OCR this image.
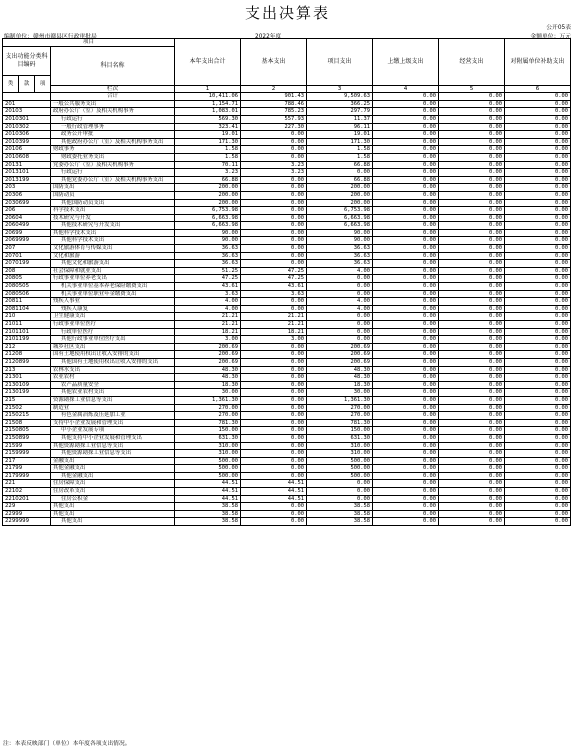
支出决算表
公开05表
编制单位：赣州市赣县区行政审批局	2022年度	金额单位：万元
项目				本年支出合计	基本支出	项目支出	上缴上级支出	经营支出	对附属单位补助支出
支出功能分类科目编码			科目名称						
类	款	项							
			栏次	1	2	3	4	5	6
			合计	10,411.06	901.43	9,509.63	0.00	0.00	0.00
201			一般公共服务支出	1,154.71	788.46	366.25	0.00	0.00	0.00
20103			政府办公厅（室）及相关机构事务	1,083.01	785.23	297.79	0.00	0.00	0.00
2010301			行政运行	569.30	557.93	11.37	0.00	0.00	0.00
2010302			一般行政管理事务	323.41	227.30	96.11	0.00	0.00	0.00
2010306			政务公开审批	19.01	0.00	19.01	0.00	0.00	0.00
2010399			其他政府办公厅（室）及相关机构事务支出	171.30	0.00	171.30	0.00	0.00	0.00
20106			财政事务	1.58	0.00	1.58	0.00	0.00	0.00
2010608			财政委托业务支出	1.58	0.00	1.58	0.00	0.00	0.00
20131			党委办公厅（室）及相关机构事务	70.11	3.23	66.88	0.00	0.00	0.00
2013101			行政运行	3.23	3.23	0.00	0.00	0.00	0.00
2013199			其他党委办公厅（室）及相关机构事务支出	66.88	0.00	66.88	0.00	0.00	0.00
203			国防支出	200.00	0.00	200.00	0.00	0.00	0.00
20306			国防动员	200.00	0.00	200.00	0.00	0.00	0.00
2030699			其他国防动员支出	200.00	0.00	200.00	0.00	0.00	0.00
206			科学技术支出	6,753.98	0.00	6,753.98	0.00	0.00	0.00
20604			技术研究与开发	6,663.98	0.00	6,663.98	0.00	0.00	0.00
2060499			其他技术研究与开发支出	6,663.98	0.00	6,663.98	0.00	0.00	0.00
20699			其他科学技术支出	90.00	0.00	90.00	0.00	0.00	0.00
2069999			其他科学技术支出	90.00	0.00	90.00	0.00	0.00	0.00
207			文化旅游体育与传媒支出	36.63	0.00	36.63	0.00	0.00	0.00
20701			文化和旅游	36.63	0.00	36.63	0.00	0.00	0.00
2070199			其他文化和旅游支出	36.63	0.00	36.63	0.00	0.00	0.00
208			社会保障和就业支出	51.25	47.25	4.00	0.00	0.00	0.00
20805			行政事业单位养老支出	47.25	47.25	0.00	0.00	0.00	0.00
2080505			机关事业单位基本养老保险缴费支出	43.61	43.61	0.00	0.00	0.00	0.00
2080506			机关事业单位职业年金缴费支出	3.63	3.63	0.00	0.00	0.00	0.00
20811			残疾人事业	4.00	0.00	4.00	0.00	0.00	0.00
2081104			残疾人康复	4.00	0.00	4.00	0.00	0.00	0.00
210			卫生健康支出	21.21	21.21	0.00	0.00	0.00	0.00
21011			行政事业单位医疗	21.21	21.21	0.00	0.00	0.00	0.00
2101101			行政单位医疗	18.21	18.21	0.00	0.00	0.00	0.00
2101199			其他行政事业单位医疗支出	3.00	3.00	0.00	0.00	0.00	0.00
212			城乡社区支出	200.69	0.00	200.69	0.00	0.00	0.00
21208			国有土地使用权出让收入安排的支出	200.69	0.00	200.69	0.00	0.00	0.00
2120899			其他国有土地使用权出让收入安排的支出	200.69	0.00	200.69	0.00	0.00	0.00
213			农林水支出	48.30	0.00	48.30	0.00	0.00	0.00
21301			农业农村	48.30	0.00	48.30	0.00	0.00	0.00
2130109			农产品质量安全	18.30	0.00	18.30	0.00	0.00	0.00
2130199			其他农业农村支出	30.00	0.00	30.00	0.00	0.00	0.00
215			资源勘探工业信息等支出	1,361.30	0.00	1,361.30	0.00	0.00	0.00
21502			制造业	270.00	0.00	270.00	0.00	0.00	0.00
2150215			有色金属冶炼及压延加工业	270.00	0.00	270.00	0.00	0.00	0.00
21508			支持中小企业发展和管理支出	781.30	0.00	781.30	0.00	0.00	0.00
2150805			中小企业发展专项	150.00	0.00	150.00	0.00	0.00	0.00
2150899			其他支持中小企业发展和管理支出	631.30	0.00	631.30	0.00	0.00	0.00
21599			其他资源勘探工业信息等支出	310.00	0.00	310.00	0.00	0.00	0.00
2159999			其他资源勘探工业信息等支出	310.00	0.00	310.00	0.00	0.00	0.00
217			金融支出	500.00	0.00	500.00	0.00	0.00	0.00
21799			其他金融支出	500.00	0.00	500.00	0.00	0.00	0.00
2179999			其他金融支出	500.00	0.00	500.00	0.00	0.00	0.00
221			住房保障支出	44.51	44.51	0.00	0.00	0.00	0.00
22102			住房改革支出	44.51	44.51	0.00	0.00	0.00	0.00
2210201			住房公积金	44.51	44.51	0.00	0.00	0.00	0.00
229			其他支出	38.58	0.00	38.58	0.00	0.00	0.00
22999			其他支出	38.58	0.00	38.58	0.00	0.00	0.00
2299999			其他支出	38.58	0.00	38.58	0.00	0.00	0.00
注：本表反映部门（单位）本年度各项支出情况。
